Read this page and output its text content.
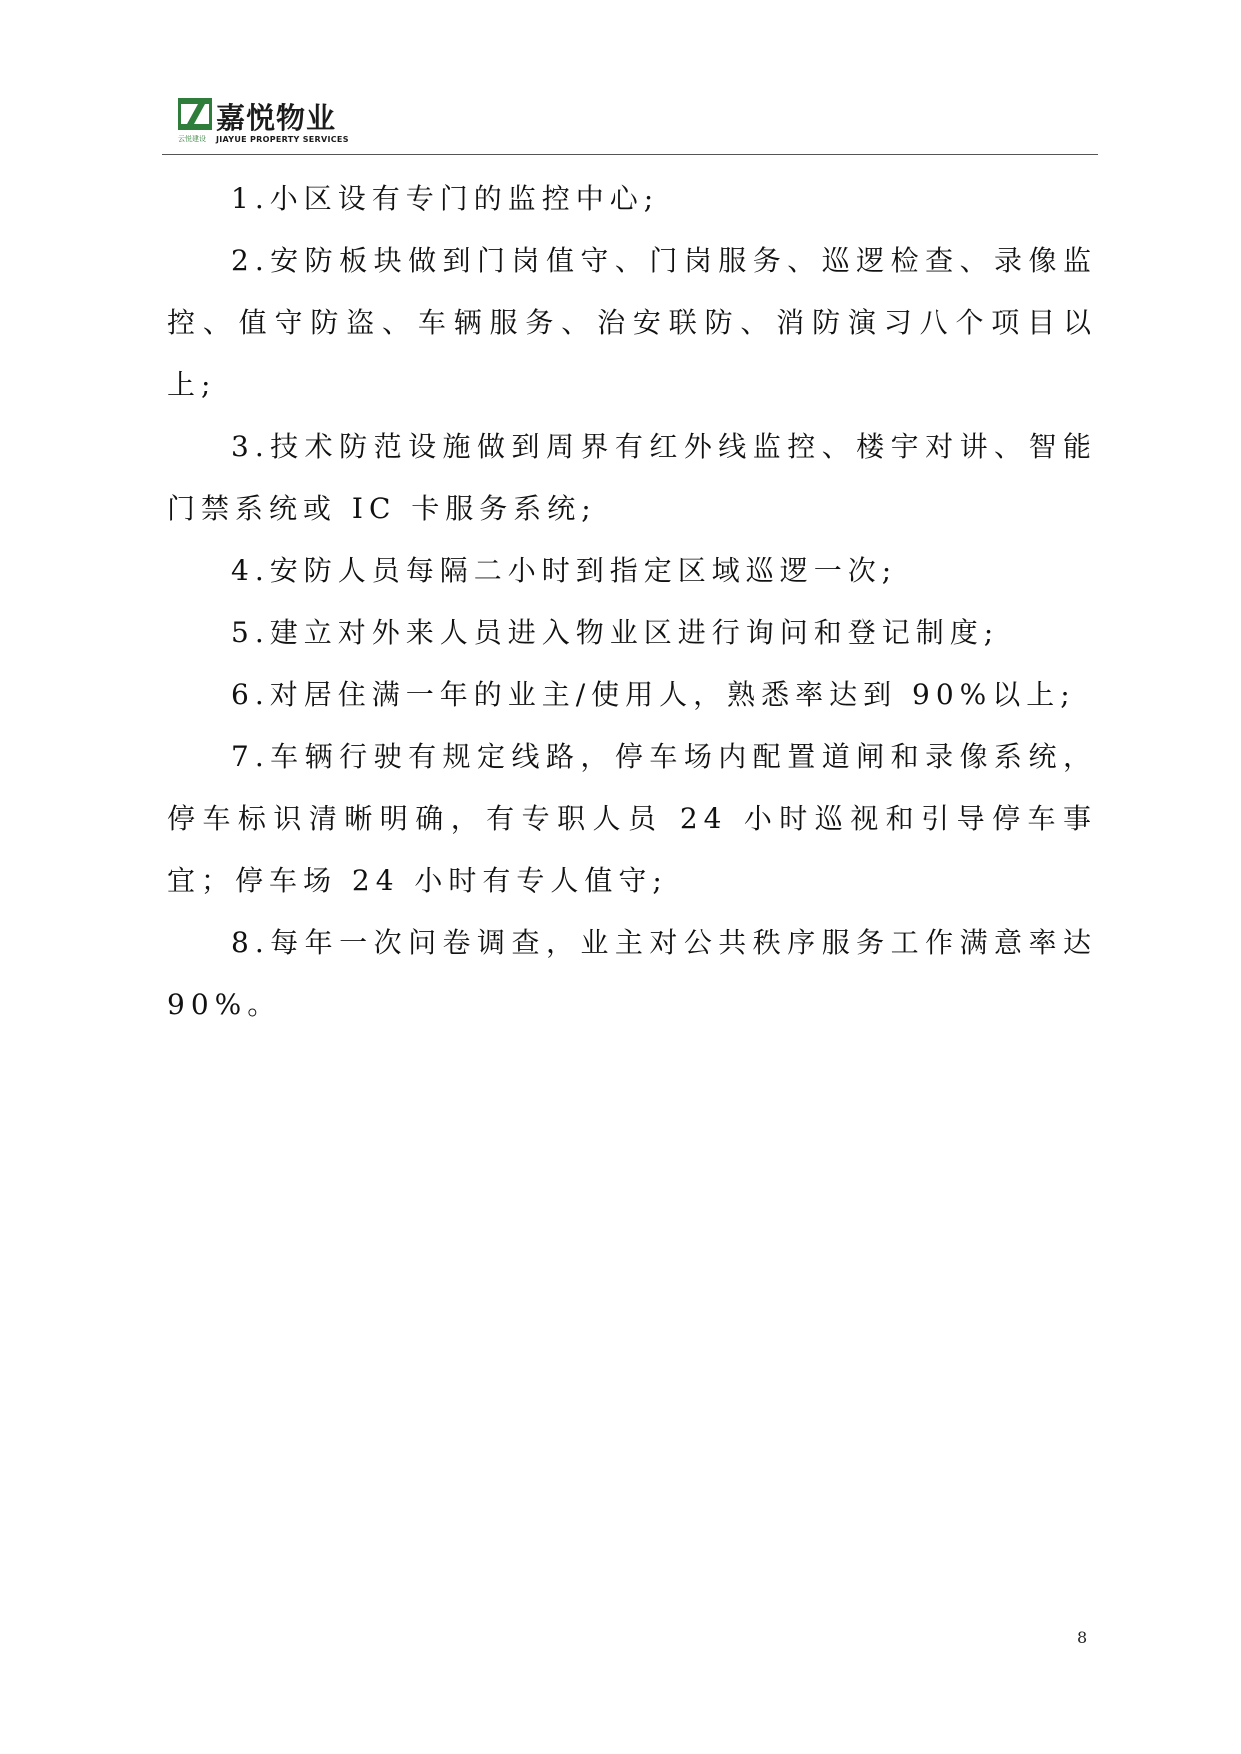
云悦建设
嘉悦物业
JIAYUE PROPERTY SERVICES

1.小区设有专门的监控中心;

2.安防板块做到门岗值守、门岗服务、巡逻检查、录像监控、值守防盗、车辆服务、治安联防、消防演习八个项目以上;

3.技术防范设施做到周界有红外线监控、楼宇对讲、智能门禁系统或 IC 卡服务系统;

4.安防人员每隔二小时到指定区域巡逻一次;

5.建立对外来人员进入物业区进行询问和登记制度;

6.对居住满一年的业主/使用人，熟悉率达到 90%以上;

7.车辆行驶有规定线路，停车场内配置道闸和录像系统，停车标识清晰明确，有专职人员 24 小时巡视和引导停车事宜；停车场 24 小时有专人值守;

8.每年一次问卷调查，业主对公共秩序服务工作满意率达 90%。

8
